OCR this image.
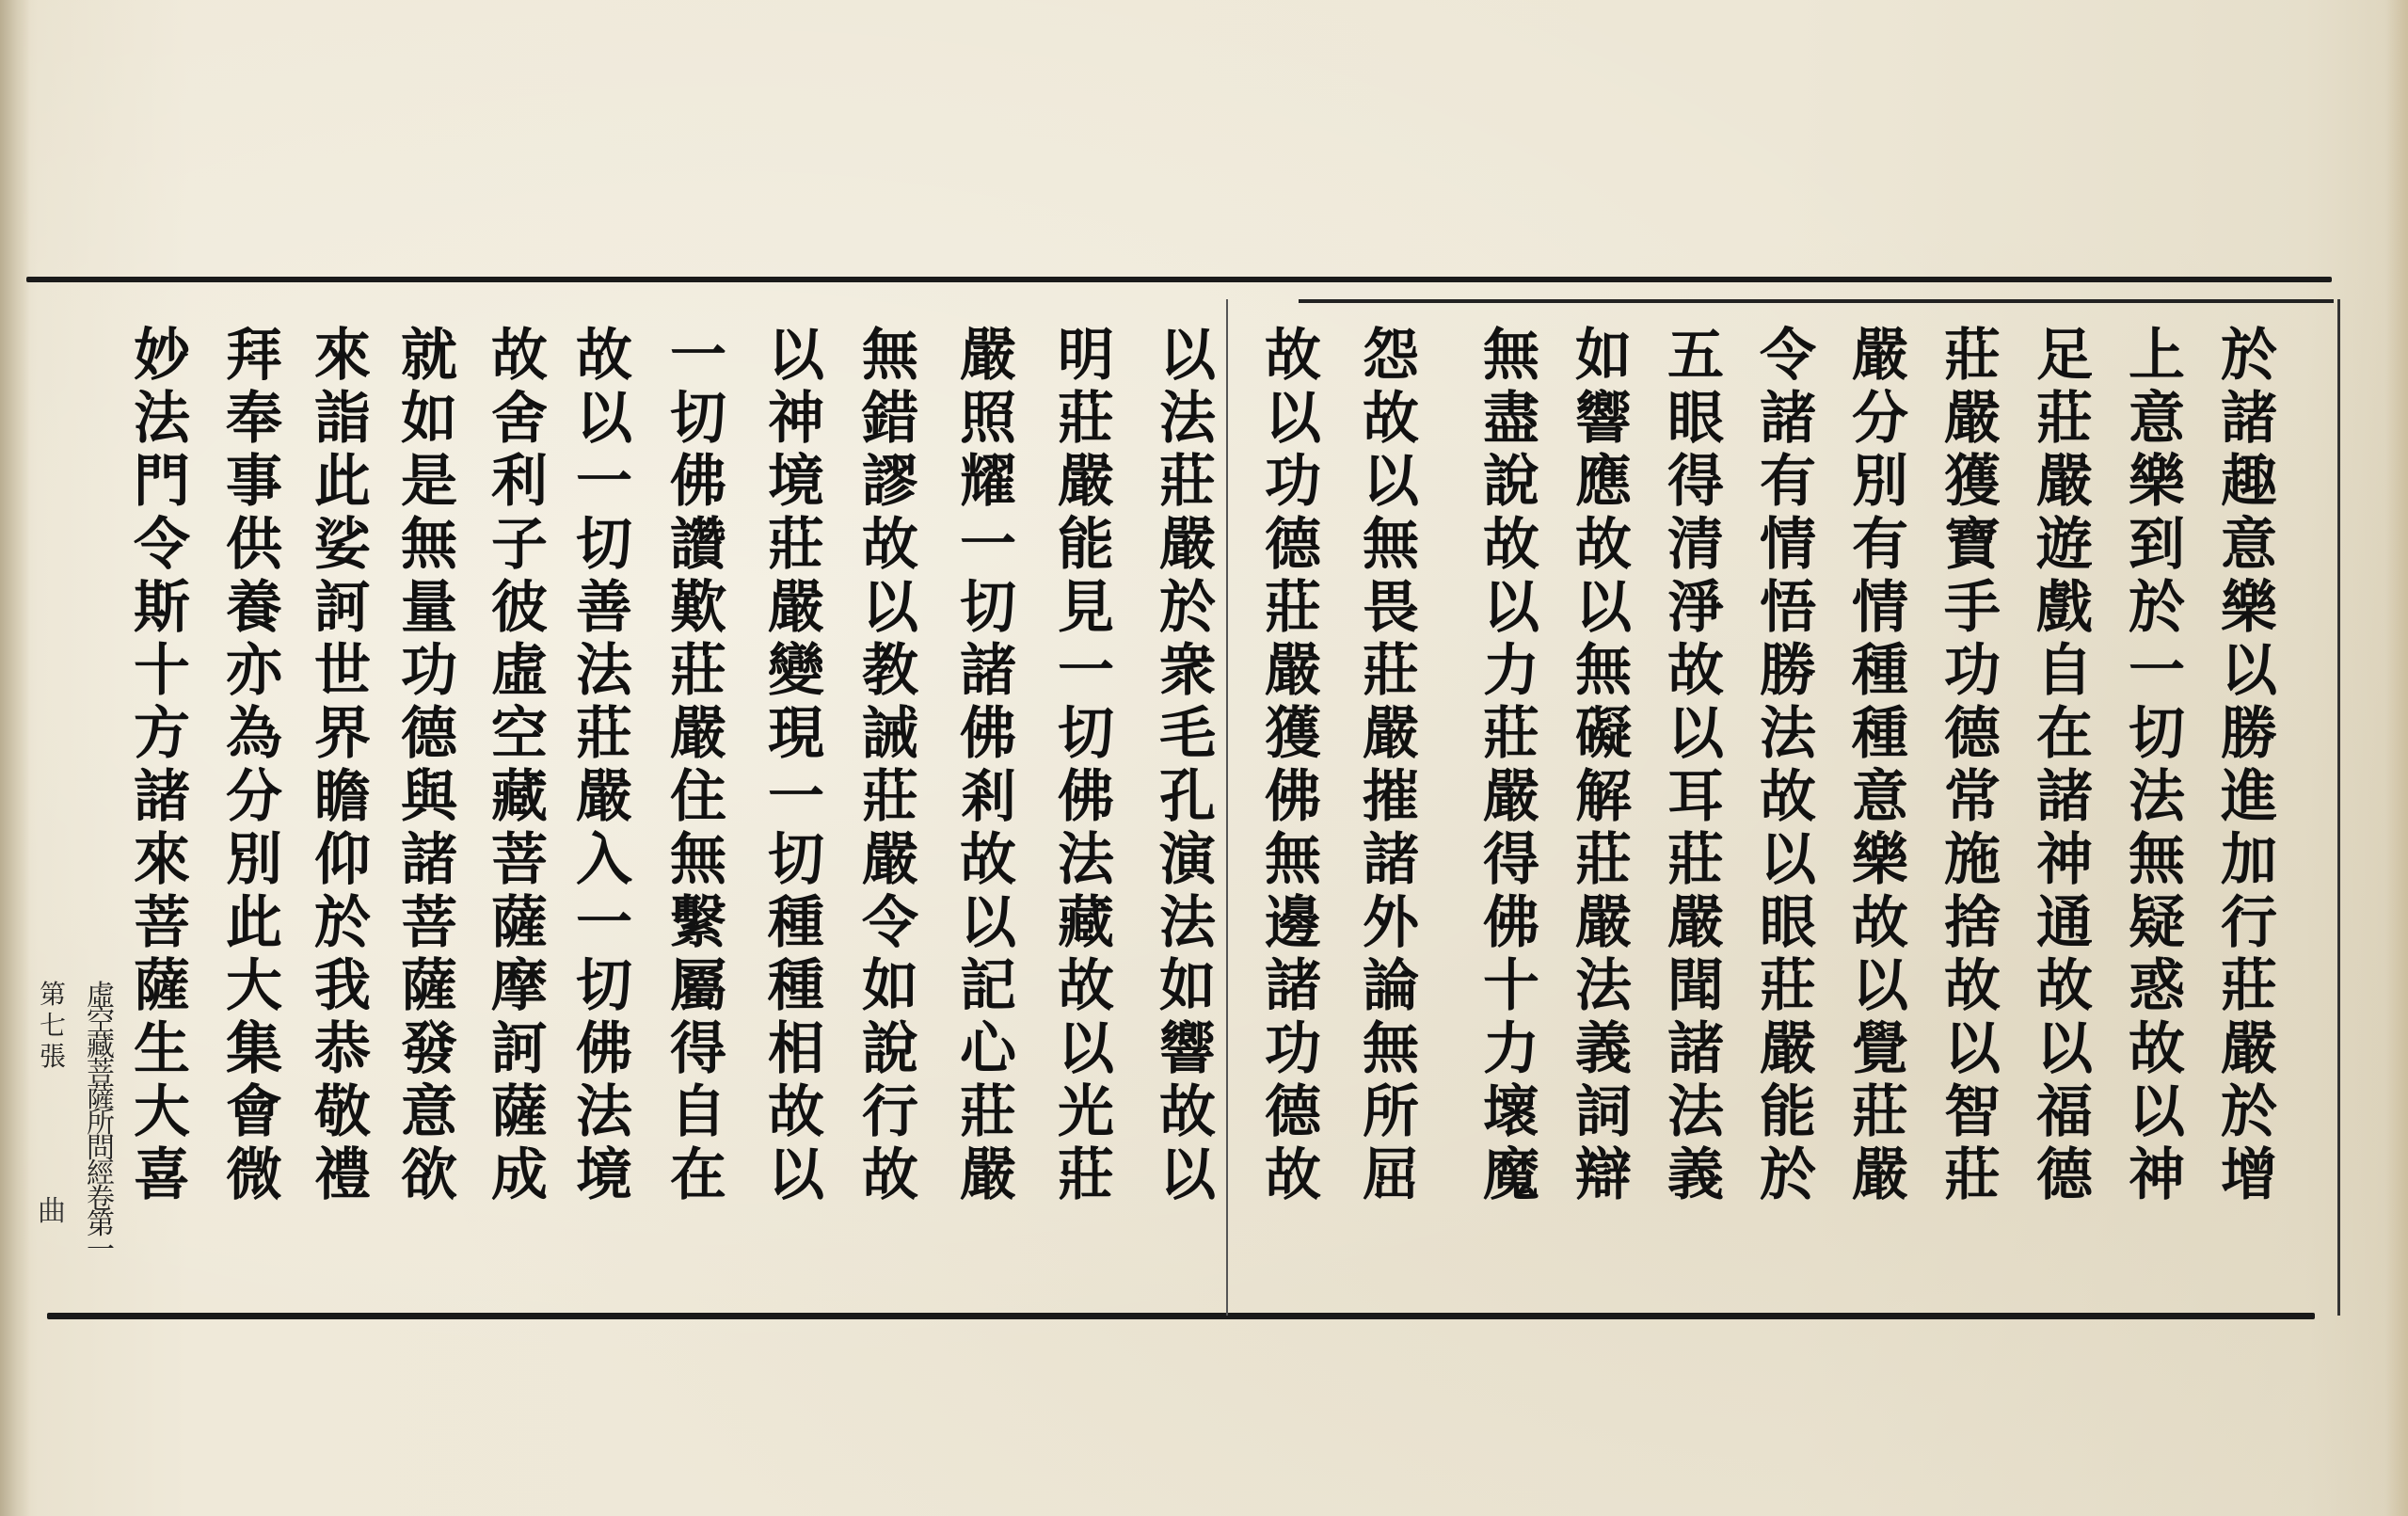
於諸趣意樂以勝進加行莊嚴於增
上意樂到於一切法無疑惑故以神
足莊嚴遊戲自在諸神通故以福德
莊嚴獲寶手功德常施捨故以智莊
嚴分別有情種種意樂故以覺莊嚴
令諸有情悟勝法故以眼莊嚴能於
五眼得清淨故以耳莊嚴聞諸法義
如響應故以無礙解莊嚴法義詞辯
無盡說故以力莊嚴得佛十力壞魔
怨故以無畏莊嚴摧諸外論無所屈
故以功德莊嚴獲佛無邊諸功德故
以法莊嚴於衆毛孔演法如響故以
明莊嚴能見一切佛法藏故以光莊
嚴照耀一切諸佛剎故以記心莊嚴
無錯謬故以教誡莊嚴令如說行故
以神境莊嚴變現一切種種相故以
一切佛讚歎莊嚴住無繫屬得自在
故以一切善法莊嚴入一切佛法境
故舍利子彼虛空藏菩薩摩訶薩成
就如是無量功德與諸菩薩發意欲
來詣此娑訶世界瞻仰於我恭敬禮
拜奉事供養亦為分別此大集會微
妙法門令斯十方諸來菩薩生大喜
虛空藏菩薩所問經卷第一
第七張
曲
